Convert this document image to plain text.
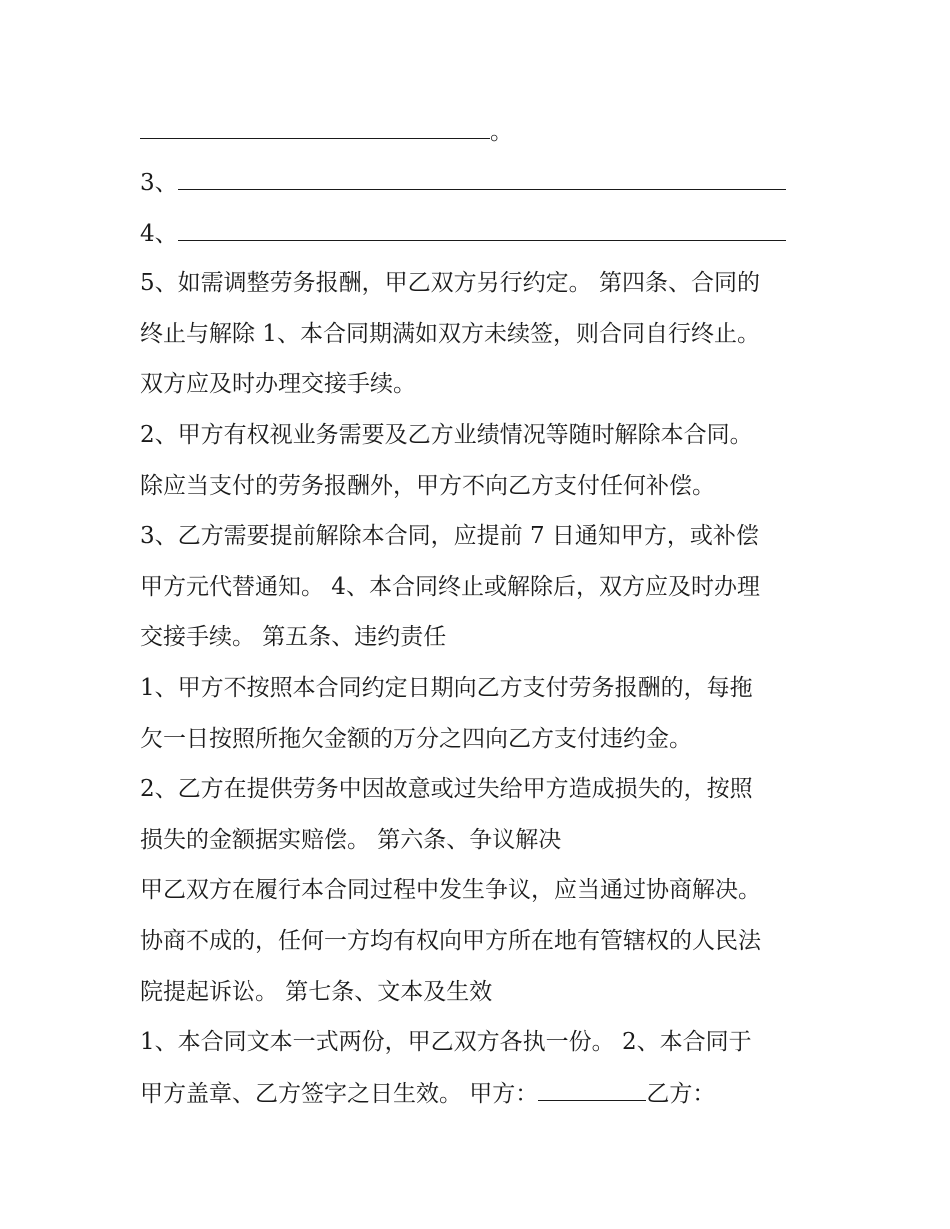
。
3、
4、
5、如需调整劳务报酬，甲乙双方另行约定。 第四条、合同的
终止与解除 1、本合同期满如双方未续签，则合同自行终止。
双方应及时办理交接手续。
2、甲方有权视业务需要及乙方业绩情况等随时解除本合同。
除应当支付的劳务报酬外，甲方不向乙方支付任何补偿。
3、乙方需要提前解除本合同，应提前 7 日通知甲方，或补偿
甲方元代替通知。 4、本合同终止或解除后，双方应及时办理
交接手续。 第五条、违约责任
1、甲方不按照本合同约定日期向乙方支付劳务报酬的，每拖
欠一日按照所拖欠金额的万分之四向乙方支付违约金。
2、乙方在提供劳务中因故意或过失给甲方造成损失的，按照
损失的金额据实赔偿。 第六条、争议解决
甲乙双方在履行本合同过程中发生争议，应当通过协商解决。
协商不成的，任何一方均有权向甲方所在地有管辖权的人民法
院提起诉讼。 第七条、文本及生效
1、本合同文本一式两份，甲乙双方各执一份。 2、本合同于
甲方盖章、乙方签字之日生效。 甲方：	乙方：
